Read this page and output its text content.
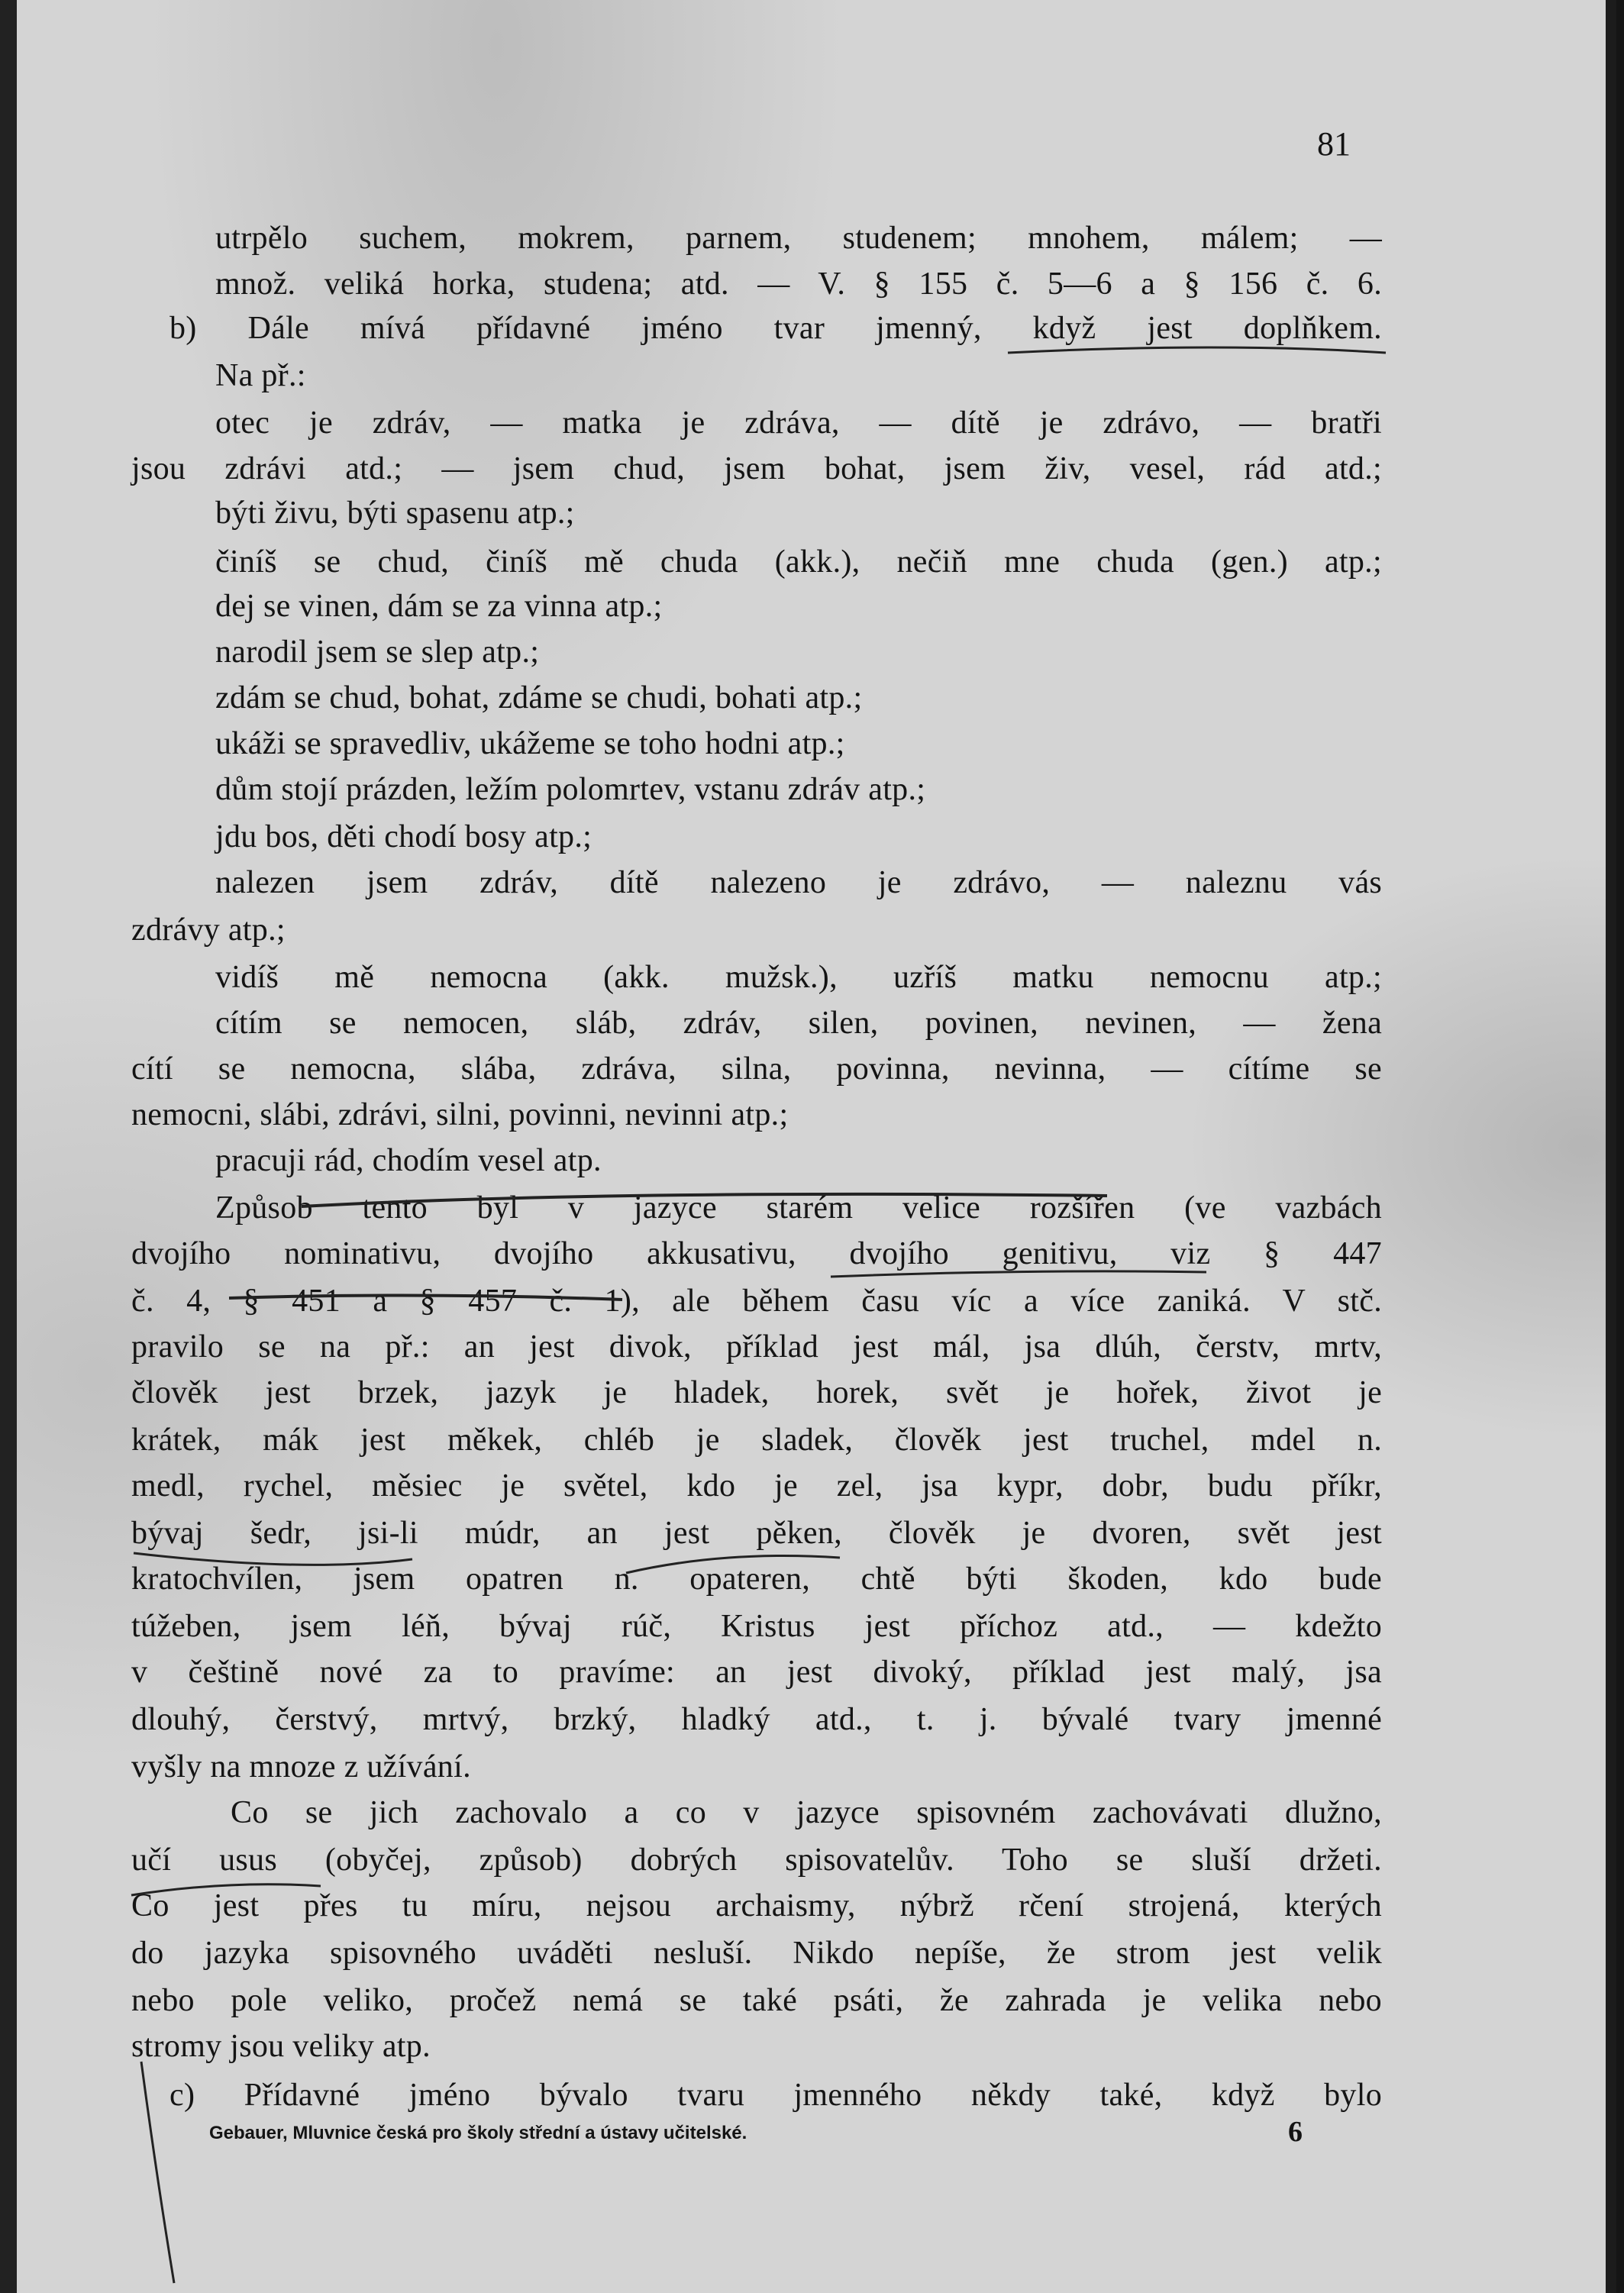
81
utrpělo suchem, mokrem, parnem, studenem; mnohem, málem; —
množ. veliká horka, studena; atd. — V. § 155 č. 5—6 a § 156 č. 6.
b) Dále mívá přídavné jméno tvar jmenný, když jest doplňkem.
Na př.:
otec je zdráv, — matka je zdráva, — dítě je zdrávo, — bratři
jsou zdrávi atd.; — jsem chud, jsem bohat, jsem živ, vesel, rád atd.;
býti živu, býti spasenu atp.;
činíš se chud, činíš mě chuda (akk.), nečiň mne chuda (gen.) atp.;
dej se vinen, dám se za vinna atp.;
narodil jsem se slep atp.;
zdám se chud, bohat, zdáme se chudi, bohati atp.;
ukáži se spravedliv, ukážeme se toho hodni atp.;
dům stojí prázden, ležím polomrtev, vstanu zdráv atp.;
jdu bos, děti chodí bosy atp.;
nalezen jsem zdráv, dítě nalezeno je zdrávo, — naleznu vás
zdrávy atp.;
vidíš mě nemocna (akk. mužsk.), uzříš matku nemocnu atp.;
cítím se nemocen, sláb, zdráv, silen, povinen, nevinen, — žena
cítí se nemocna, slába, zdráva, silna, povinna, nevinna, — cítíme se
nemocni, slábi, zdrávi, silni, povinni, nevinni atp.;
pracuji rád, chodím vesel atp.
Způsob tento byl v jazyce starém velice rozšířen (ve vazbách
dvojího nominativu, dvojího akkusativu, dvojího genitivu, viz § 447
č. 4, § 451 a § 457 č. 1), ale během času víc a více zaniká. V stč.
pravilo se na př.: an jest divok, příklad jest mál, jsa dlúh, čerstv, mrtv,
člověk jest brzek, jazyk je hladek, horek, svět je hořek, život je
krátek, mák jest měkek, chléb je sladek, člověk jest truchel, mdel n.
medl, rychel, měsiec je světel, kdo je zel, jsa kypr, dobr, budu příkr,
bývaj šedr, jsi-li múdr, an jest pěken, člověk je dvoren, svět jest
kratochvílen, jsem opatren n. opateren, chtě býti škoden, kdo bude
túžeben, jsem léň, bývaj rúč, Kristus jest příchoz atd., — kdežto
v češtině nové za to pravíme: an jest divoký, příklad jest malý, jsa
dlouhý, čerstvý, mrtvý, brzký, hladký atd., t. j. bývalé tvary jmenné
vyšly na mnoze z užívání.
Co se jich zachovalo a co v jazyce spisovném zachovávati dlužno,
učí usus (obyčej, způsob) dobrých spisovatelův. Toho se sluší držeti.
Co jest přes tu míru, nejsou archaismy, nýbrž rčení strojená, kterých
do jazyka spisovného uváděti nesluší. Nikdo nepíše, že strom jest velik
nebo pole veliko, pročež nemá se také psáti, že zahrada je velika nebo
stromy jsou veliky atp.
c) Přídavné jméno bývalo tvaru jmenného někdy také, když bylo
Gebauer, Mluvnice česká pro školy střední a ústavy učitelské.	6
